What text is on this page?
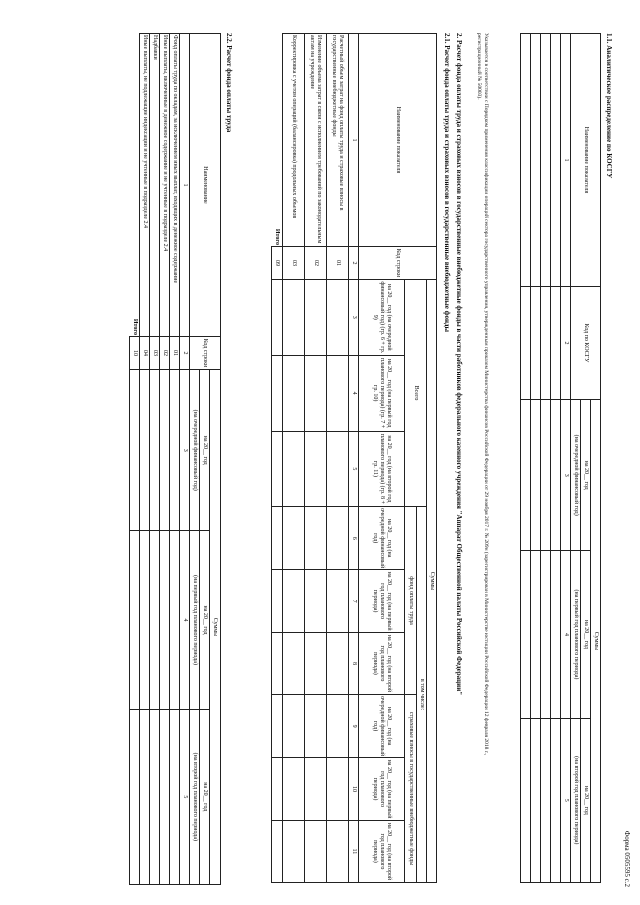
Форма 0505595 с.2
1.1. Аналитическое распределение по КОСГУ
Наименование показателя	Код по КОСГУ	Суммы		
		на 20__ год	на 20__ год	на 20__ год
		(на очередной финансовый год)	(на первый год планового периода)	(на второй год планового периода)
1	2	3	4	5

Указывается в соответствии с Порядком применения классификации операций сектора государственного управления, утвержденным приказом Министерства финансов Российской Федерации от 29 ноября 2017 г. № 209н (зарегистрирован в Министерстве юстиции Российской Федерации 12 февраля 2018 г., регистрационный № 50003).
2. Расчет фонда оплаты труда и страховых взносов в государственные внебюджетные фонды в части работников федерального казенного учреждения "Аппарат Общественной палаты Российской Федерации"
2.1. Расчет фонда оплаты труда и страховых взносов в государственные внебюджетные фонды
Наименование показателя	Код строки	Суммы								
		Всего			в том числе:					
					фонд оплаты труда			страховые взносы в государственные внебюджетные фонды		
		на 20__ год (на очередной финансовый год) (гр. 6 + гр. 9)	на 20__ год (на первый год планового периода) (гр. 7 + гр. 10)	на 20__ год (на второй год планового периода) (гр. 8 + гр. 11)	на 20__ год (на очередной финансовый год)	на 20__ год (на первый год планового периода)	на 20__ год (на второй год планового периода)	на 20__ год (на очередной финансовый год)	на 20__ год (на первый год планового периода)	на 20__ год (на второй год планового периода)
1	2	3	4	5	6	7	8	9	10	11
Расчетный объем затрат на фонд оплаты труда и страховые взносы в государственные внебюджетные фонды	01									
Изменение объема затрат в связи с исполнением требований по законодательным актам на учреждение	02									
Корректировка с учетом операций (балансировка) продольных объемов	03									
Итого	09									
2.2. Расчет фонда оплаты труда
Наименование	Код строки	Суммы		
		на 20__ год	на 20__ год	на 20__ год
		(на очередной финансовый год)	(на первый год планового периода)	(на второй год планового периода)
1	2	3	4	5
Фонд оплаты труда по окладам, за исключением иных выплат, входящих в денежное содержание	01			
Иные выплаты, включенные в денежное содержание и не учтенные в подразделе 2.4	02			
Надбавки	03			
Иные выплаты, не подлежащие индексации и не учтенные в подразделе 2.4	04			
Итого	10			
